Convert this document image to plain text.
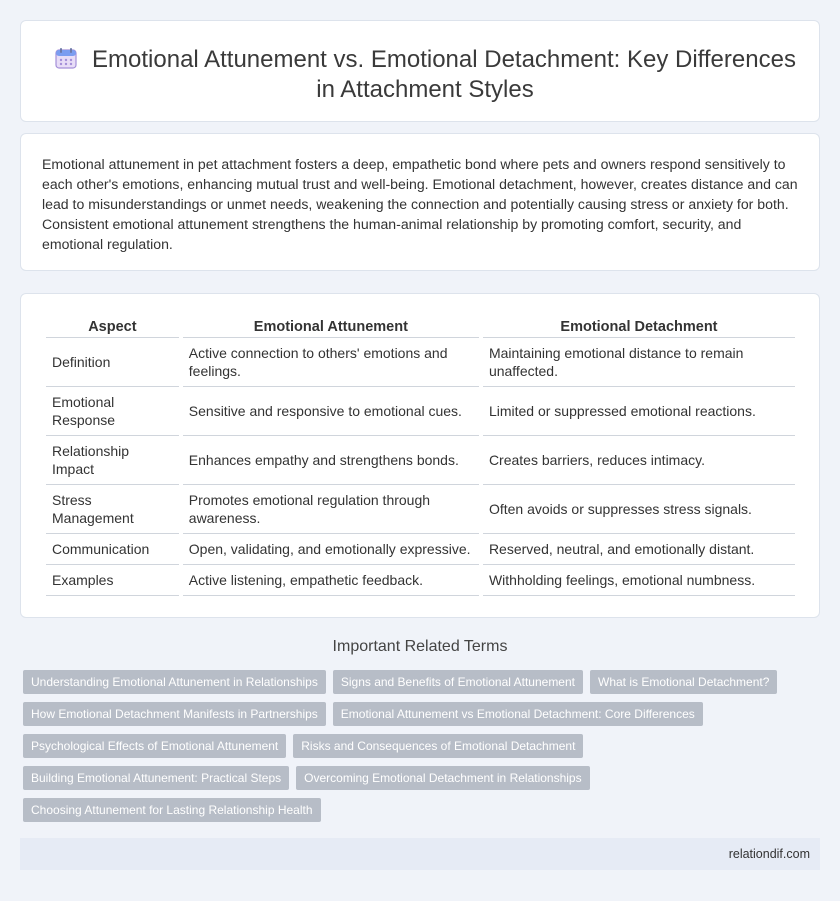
Emotional Attunement vs. Emotional Detachment: Key Differences in Attachment Styles

Emotional attunement in pet attachment fosters a deep, empathetic bond where pets and owners respond sensitively to each other's emotions, enhancing mutual trust and well-being. Emotional detachment, however, creates distance and can lead to misunderstandings or unmet needs, weakening the connection and potentially causing stress or anxiety for both. Consistent emotional attunement strengthens the human-animal relationship by promoting comfort, security, and emotional regulation.

Aspect	Emotional Attunement	Emotional Detachment
Definition	Active connection to others' emotions and feelings.	Maintaining emotional distance to remain unaffected.
Emotional Response	Sensitive and responsive to emotional cues.	Limited or suppressed emotional reactions.
Relationship Impact	Enhances empathy and strengthens bonds.	Creates barriers, reduces intimacy.
Stress Management	Promotes emotional regulation through awareness.	Often avoids or suppresses stress signals.
Communication	Open, validating, and emotionally expressive.	Reserved, neutral, and emotionally distant.
Examples	Active listening, empathetic feedback.	Withholding feelings, emotional numbness.
Important Related Terms
Understanding Emotional Attunement in Relationships	Signs and Benefits of Emotional Attunement	What is Emotional Detachment?
How Emotional Detachment Manifests in Partnerships	Emotional Attunement vs Emotional Detachment: Core Differences
Psychological Effects of Emotional Attunement	Risks and Consequences of Emotional Detachment
Building Emotional Attunement: Practical Steps	Overcoming Emotional Detachment in Relationships
Choosing Attunement for Lasting Relationship Health
relationdif.com
